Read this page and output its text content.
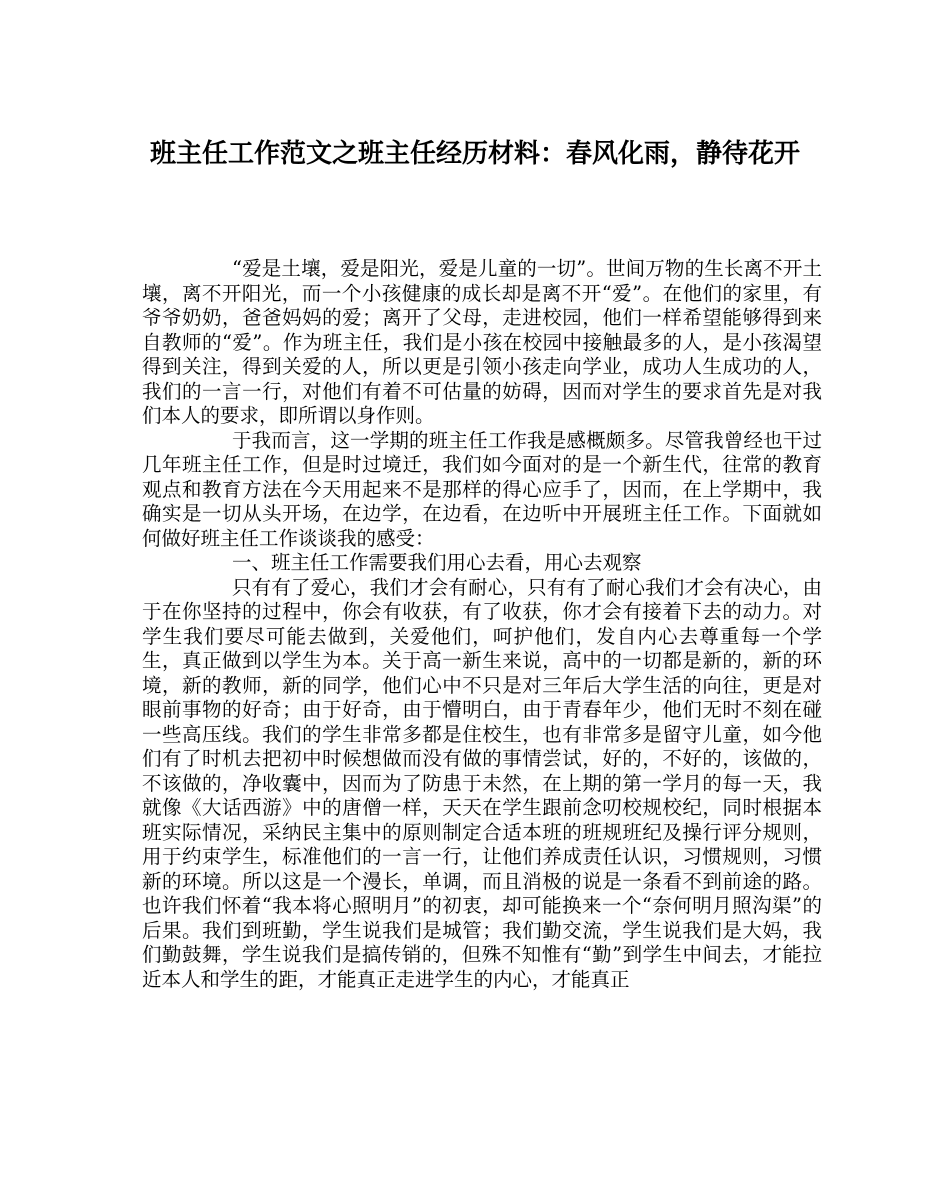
班主任工作范文之班主任经历材料：春风化雨，静待花开

“爱是土壤，爱是阳光，爱是儿童的一切”。世间万物的生长离不开土壤，离不开阳光，而一个小孩健康的成长却是离不开“爱”。在他们的家里，有爷爷奶奶，爸爸妈妈的爱；离开了父母，走进校园，他们一样希望能够得到来自教师的“爱”。作为班主任，我们是小孩在校园中接触最多的人，是小孩渴望得到关注，得到关爱的人，所以更是引领小孩走向学业，成功人生成功的人，我们的一言一行，对他们有着不可估量的妨碍，因而对学生的要求首先是对我们本人的要求，即所谓以身作则。

于我而言，这一学期的班主任工作我是感概颇多。尽管我曾经也干过几年班主任工作，但是时过境迁，我们如今面对的是一个新生代，往常的教育观点和教育方法在今天用起来不是那样的得心应手了，因而，在上学期中，我确实是一切从头开场，在边学，在边看，在边听中开展班主任工作。下面就如何做好班主任工作谈谈我的感受：

一、班主任工作需要我们用心去看，用心去观察

只有有了爱心，我们才会有耐心，只有有了耐心我们才会有决心，由于在你坚持的过程中，你会有收获，有了收获，你才会有接着下去的动力。对学生我们要尽可能去做到，关爱他们，呵护他们，发自内心去尊重每一个学生，真正做到以学生为本。关于高一新生来说，高中的一切都是新的，新的环境，新的教师，新的同学，他们心中不只是对三年后大学生活的向往，更是对眼前事物的好奇；由于好奇，由于懵明白，由于青春年少，他们无时不刻在碰一些高压线。我们的学生非常多都是住校生，也有非常多是留守儿童，如今他们有了时机去把初中时候想做而没有做的事情尝试，好的，不好的，该做的，不该做的，净收囊中，因而为了防患于未然，在上期的第一学月的每一天，我就像《大话西游》中的唐僧一样，天天在学生跟前念叨校规校纪，同时根据本班实际情况，采纳民主集中的原则制定合适本班的班规班纪及操行评分规则，用于约束学生，标准他们的一言一行，让他们养成责任认识，习惯规则，习惯新的环境。所以这是一个漫长，单调，而且消极的说是一条看不到前途的路。也许我们怀着“我本将心照明月”的初衷，却可能换来一个“奈何明月照沟渠”的后果。我们到班勤，学生说我们是城管；我们勤交流，学生说我们是大妈，我们勤鼓舞，学生说我们是搞传销的，但殊不知惟有“勤”到学生中间去，才能拉近本人和学生的距，才能真正走进学生的内心，才能真正
